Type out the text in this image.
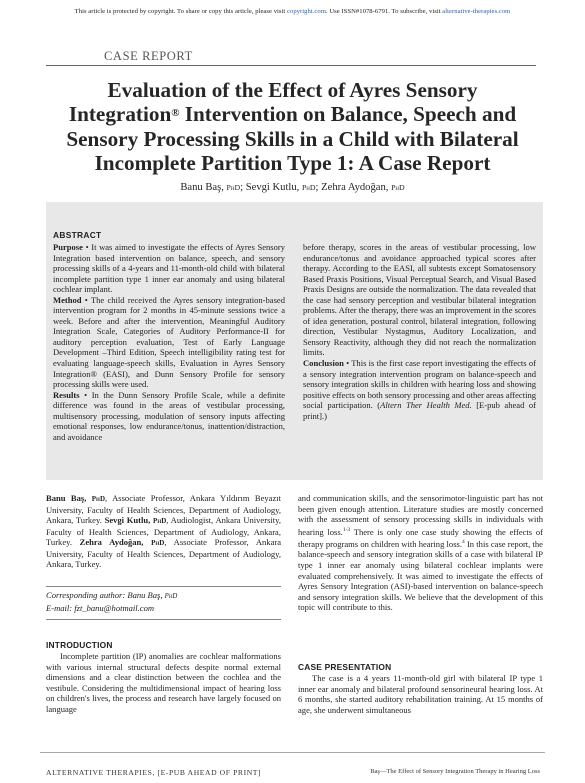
This article is protected by copyright. To share or copy this article, please visit copyright.com. Use ISSN#1078-6791. To subscribe, visit alternative-therapies.com
CASE REPORT
Evaluation of the Effect of Ayres Sensory
Integration® Intervention on Balance, Speech and
Sensory Processing Skills in a Child with Bilateral
Incomplete Partition Type 1: A Case Report
Banu Baş, PhD; Sevgi Kutlu, PhD; Zehra Aydoğan, PhD
ABSTRACT

Purpose • It was aimed to investigate the effects of Ayres Sensory Integration based intervention on balance, speech, and sensory processing skills of a 4-years and 11-month-old child with bilateral incomplete partition type 1 inner ear anomaly and using bilateral cochlear implant.

Method • The child received the Ayres sensory integration-based intervention program for 2 months in 45-minute sessions twice a week. Before and after the intervention, Meaningful Auditory Integration Scale, Categories of Auditory Performance-II for auditory perception evaluation, Test of Early Language Development –Third Edition, Speech intelligibility rating test for evaluating language-speech skills, Evaluation in Ayres Sensory Integration® (EASI), and Dunn Sensory Profile for sensory processing skills were used.

Results • In the Dunn Sensory Profile Scale, while a definite difference was found in the areas of vestibular processing, multisensory processing, modulation of sensory inputs affecting emotional responses, low endurance/tonus, inattention/distraction, and avoidance

before therapy, scores in the areas of vestibular processing, low endurance/tonus and avoidance approached typical scores after therapy. According to the EASI, all subtests except Somatosensory Based Praxis Positions, Visual Perceptual Search, and Visual Based Praxis Designs are outside the normalization. The data revealed that the case had sensory perception and vestibular bilateral integration problems. After the therapy, there was an improvement in the scores of idea generation, postural control, bilateral integration, following direction, Vestibular Nystagmus, Auditory Localization, and Sensory Reactivity, although they did not reach the normalization limits.

Conclusion • This is the first case report investigating the effects of a sensory integration intervention program on balance-speech and sensory integration skills in children with hearing loss and showing positive effects on both sensory processing and other areas affecting social participation. (Altern Ther Health Med. [E-pub ahead of print].)

Banu Baş, PhD, Associate Professor, Ankara Yıldırım Beyazıt University, Faculty of Health Sciences, Department of Audiology, Ankara, Turkey. Sevgi Kutlu, PhD, Audiologist, Ankara University, Faculty of Health Sciences, Department of Audiology, Ankara, Turkey. Zehra Aydoğan, PhD, Associate Professor, Ankara University, Faculty of Health Sciences, Department of Audiology, Ankara, Turkey.

Corresponding author: Banu Baş, PhD
E-mail: fzt_banu@hotmail.com
INTRODUCTION

Incomplete partition (IP) anomalies are cochlear malformations with various internal structural defects despite normal external dimensions and a clear distinction between the cochlea and the vestibule. Considering the multidimensional impact of hearing loss on children's lives, the process and research have largely focused on language

and communication skills, and the sensorimotor-linguistic part has not been given enough attention. Literature studies are mostly concerned with the assessment of sensory processing skills in individuals with hearing loss.$^{1-3}$ There is only one case study showing the effects of therapy programs on children with hearing loss.$^4$ In this case report, the balance-speech and sensory integration skills of a case with bilateral IP type 1 inner ear anomaly using bilateral cochlear implants were evaluated comprehensively. It was aimed to investigate the effects of Ayres Sensory Integration (ASI)-based intervention on balance-speech and sensory integration skills. We believe that the development of this topic will contribute to this.

CASE PRESENTATION

The case is a 4 years 11-month-old girl with bilateral IP type 1 inner ear anomaly and bilateral profound sensorineural hearing loss. At 6 months, she started auditory rehabilitation training. At 15 months of age, she underwent simultaneous

ALTERNATIVE THERAPIES, [E-PUB AHEAD OF PRINT]	Baş—The Effect of Sensory Integration Therapy in Hearing Loss
